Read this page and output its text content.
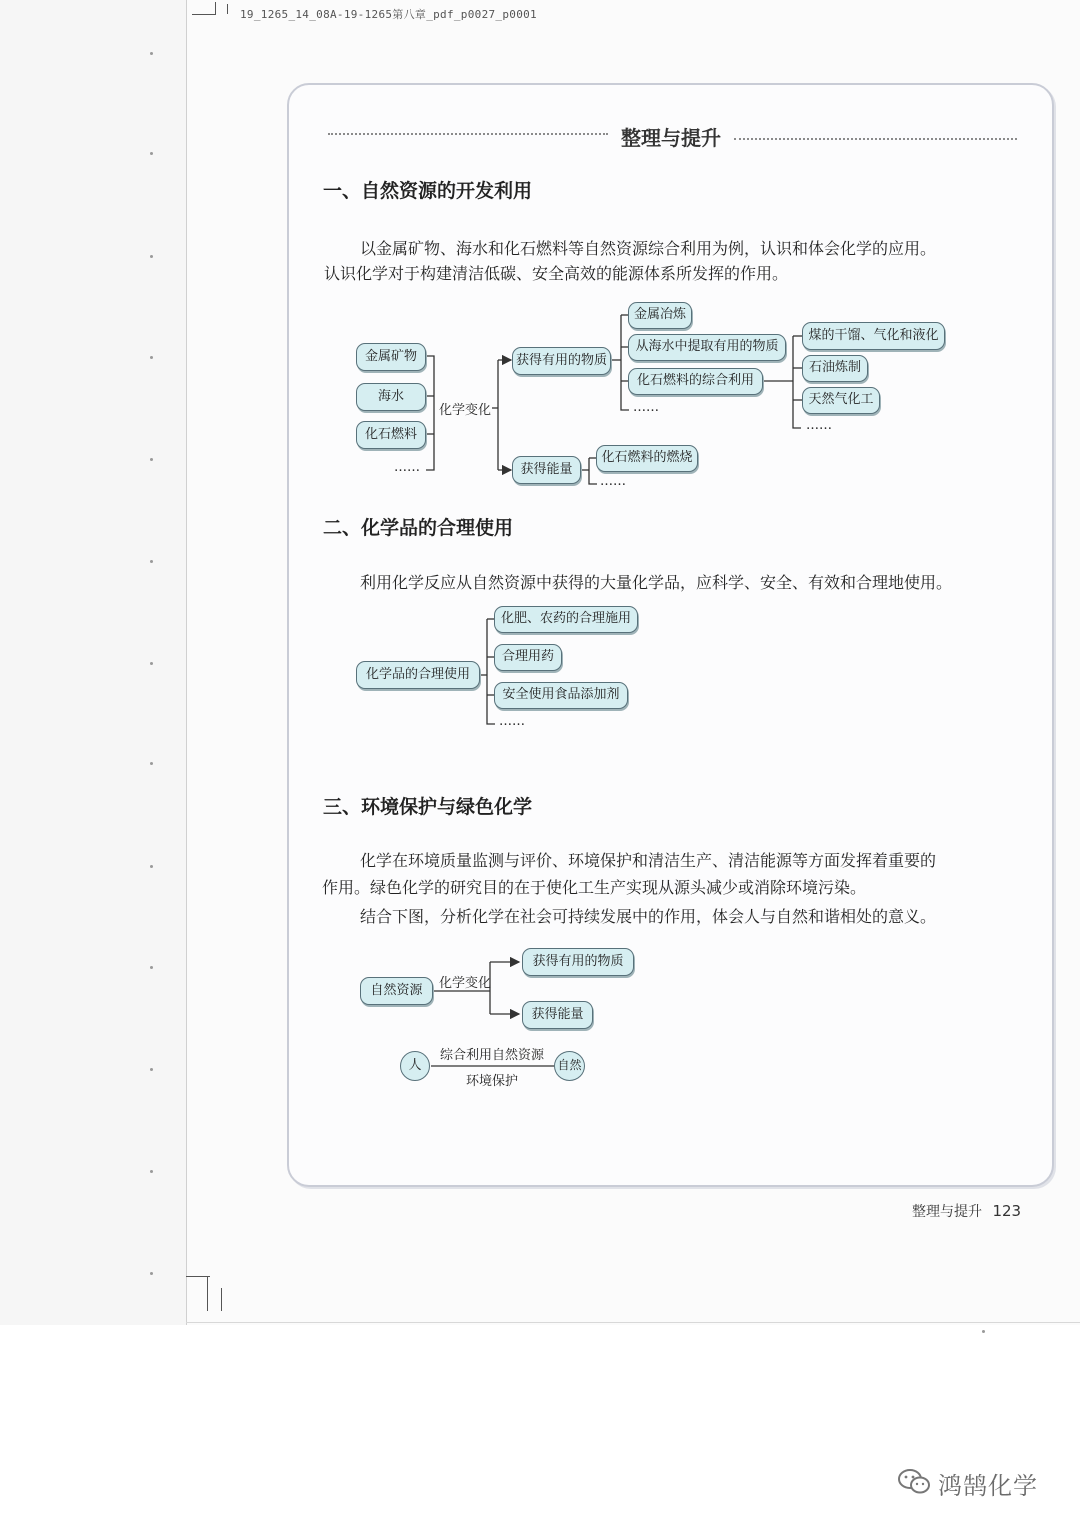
19_1265_14_08A-19-1265第八章_pdf_p0027_p0001
整理与提升
一、自然资源的开发利用
以金属矿物、海水和化石燃料等自然资源综合利用为例，认识和体会化学的应用。
认识化学对于构建清洁低碳、安全高效的能源体系所发挥的作用。
金属矿物
海水
化石燃料
……
化学变化
获得有用的物质
金属冶炼
从海水中提取有用的物质
化石燃料的综合利用
……
煤的干馏、气化和液化
石油炼制
天然气化工
……
获得能量
化石燃料的燃烧
……
二、化学品的合理使用
利用化学反应从自然资源中获得的大量化学品，应科学、安全、有效和合理地使用。
化学品的合理使用
化肥、农药的合理施用
合理用药
安全使用食品添加剂
……
三、环境保护与绿色化学
化学在环境质量监测与评价、环境保护和清洁生产、清洁能源等方面发挥着重要的
作用。绿色化学的研究目的在于使化工生产实现从源头减少或消除环境污染。
结合下图，分析化学在社会可持续发展中的作用，体会人与自然和谐相处的意义。
自然资源	化学变化
获得有用的物质
获得能量
人	自然
综合利用自然资源
环境保护
整理与提升 123
鸿鹄化学
